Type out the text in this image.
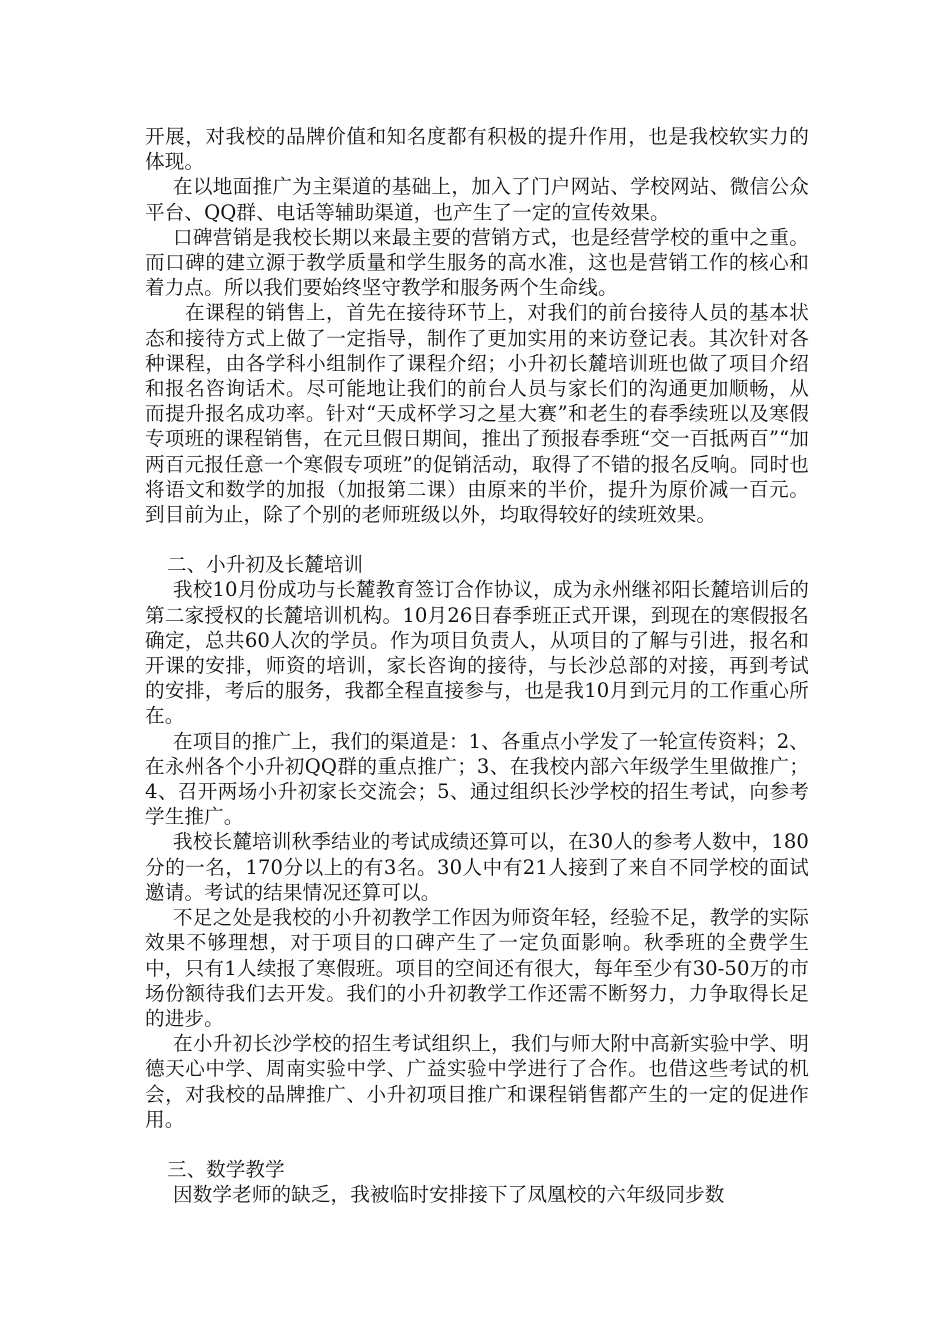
开展，对我校的品牌价值和知名度都有积极的提升作用，也是我校软实力的体现。

在以地面推广为主渠道的基础上，加入了门户网站、学校网站、微信公众平台、QQ群、电话等辅助渠道，也产生了一定的宣传效果。

口碑营销是我校长期以来最主要的营销方式，也是经营学校的重中之重。而口碑的建立源于教学质量和学生服务的高水准，这也是营销工作的核心和着力点。所以我们要始终坚守教学和服务两个生命线。

在课程的销售上，首先在接待环节上，对我们的前台接待人员的基本状态和接待方式上做了一定指导，制作了更加实用的来访登记表。其次针对各种课程，由各学科小组制作了课程介绍；小升初长麓培训班也做了项目介绍和报名咨询话术。尽可能地让我们的前台人员与家长们的沟通更加顺畅，从而提升报名成功率。针对“天成杯学习之星大赛”和老生的春季续班以及寒假专项班的课程销售，在元旦假日期间，推出了预报春季班“交一百抵两百”“加两百元报任意一个寒假专项班”的促销活动，取得了不错的报名反响。同时也将语文和数学的加报（加报第二课）由原来的半价，提升为原价减一百元。到目前为止，除了个别的老师班级以外，均取得较好的续班效果。

二、小升初及长麓培训

我校10月份成功与长麓教育签订合作协议，成为永州继祁阳长麓培训后的第二家授权的长麓培训机构。10月26日春季班正式开课，到现在的寒假报名确定，总共60人次的学员。作为项目负责人，从项目的了解与引进，报名和开课的安排，师资的培训，家长咨询的接待，与长沙总部的对接，再到考试的安排，考后的服务，我都全程直接参与，也是我10月到元月的工作重心所在。

在项目的推广上，我们的渠道是：1、各重点小学发了一轮宣传资料；2、在永州各个小升初QQ群的重点推广；3、在我校内部六年级学生里做推广；4、召开两场小升初家长交流会；5、通过组织长沙学校的招生考试，向参考学生推广。

我校长麓培训秋季结业的考试成绩还算可以，在30人的参考人数中，180分的一名，170分以上的有3名。30人中有21人接到了来自不同学校的面试邀请。考试的结果情况还算可以。

不足之处是我校的小升初教学工作因为师资年轻，经验不足，教学的实际效果不够理想，对于项目的口碑产生了一定负面影响。秋季班的全费学生中，只有1人续报了寒假班。项目的空间还有很大，每年至少有30-50万的市场份额待我们去开发。我们的小升初教学工作还需不断努力，力争取得长足的进步。

在小升初长沙学校的招生考试组织上，我们与师大附中高新实验中学、明德天心中学、周南实验中学、广益实验中学进行了合作。也借这些考试的机会，对我校的品牌推广、小升初项目推广和课程销售都产生的一定的促进作用。

三、数学教学

因数学老师的缺乏，我被临时安排接下了凤凰校的六年级同步数
